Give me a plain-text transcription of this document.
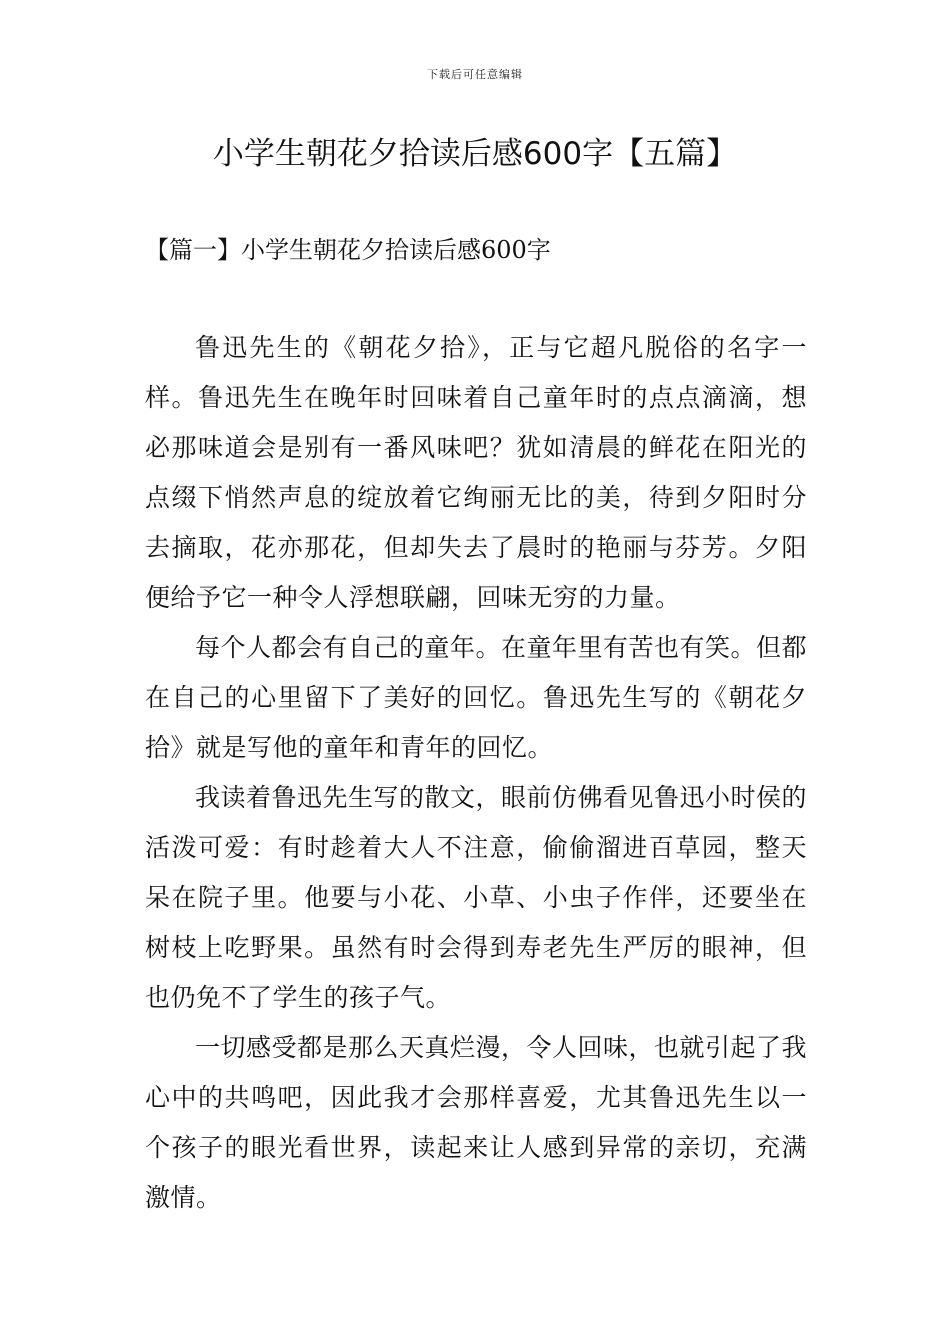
下载后可任意编辑
小学生朝花夕拾读后感600字【五篇】
【篇一】小学生朝花夕拾读后感600字

鲁迅先生的《朝花夕拾》，正与它超凡脱俗的名字一样。鲁迅先生在晚年时回味着自己童年时的点点滴滴，想必那味道会是别有一番风味吧？犹如清晨的鲜花在阳光的点缀下悄然声息的绽放着它绚丽无比的美，待到夕阳时分去摘取，花亦那花，但却失去了晨时的艳丽与芬芳。夕阳便给予它一种令人浮想联翩，回味无穷的力量。

每个人都会有自己的童年。在童年里有苦也有笑。但都在自己的心里留下了美好的回忆。鲁迅先生写的《朝花夕拾》就是写他的童年和青年的回忆。

我读着鲁迅先生写的散文，眼前仿佛看见鲁迅小时侯的活泼可爱：有时趁着大人不注意，偷偷溜进百草园，整天呆在院子里。他要与小花、小草、小虫子作伴，还要坐在树枝上吃野果。虽然有时会得到寿老先生严厉的眼神，但也仍免不了学生的孩子气。

一切感受都是那么天真烂漫，令人回味，也就引起了我心中的共鸣吧，因此我才会那样喜爱，尤其鲁迅先生以一个孩子的眼光看世界，读起来让人感到异常的亲切，充满激情。
